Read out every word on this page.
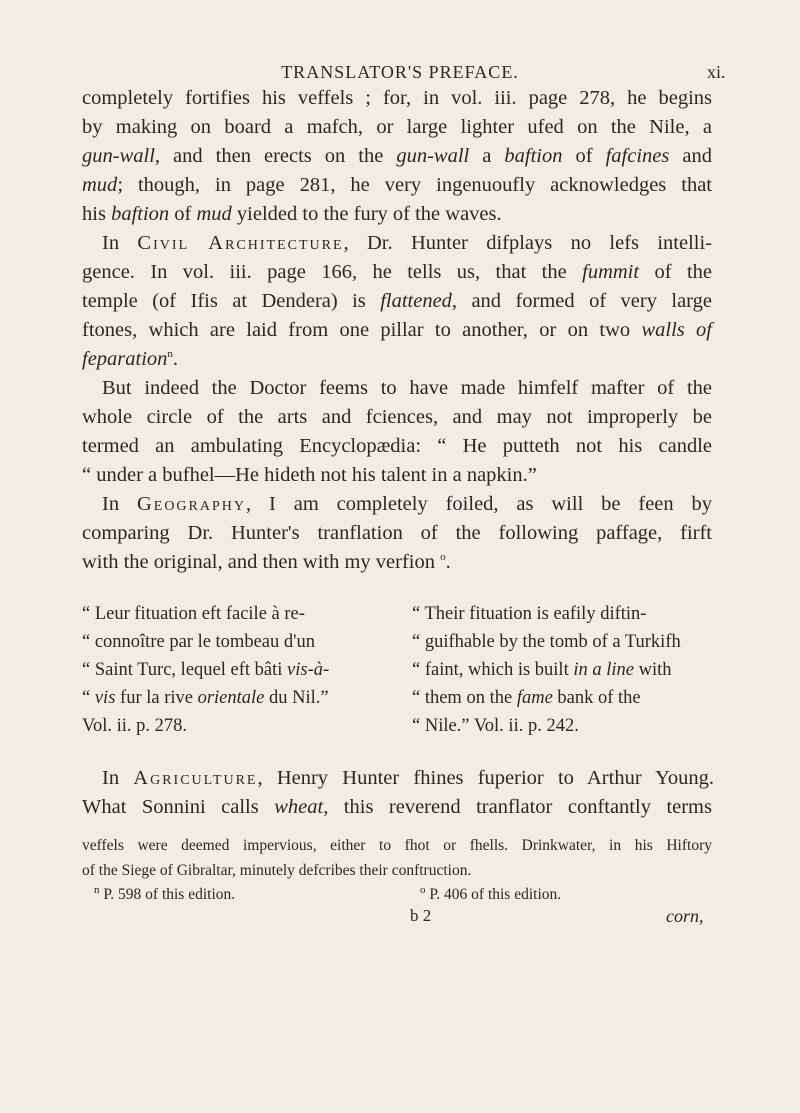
TRANSLATOR'S PREFACE.	xi.
completely fortifies his veffels ; for, in vol. iii. page 278, he begins
by making on board a mafch, or large lighter ufed on the Nile, a
gun-wall, and then erects on the gun-wall a baftion of fafcines and
mud; though, in page 281, he very ingenuoufly acknowledges that
his baftion of mud yielded to the fury of the waves.
In Civil Architecture, Dr. Hunter difplays no lefs intelli-
gence. In vol. iii. page 166, he tells us, that the fummit of the
temple (of Ifis at Dendera) is flattened, and formed of very large
ftones, which are laid from one pillar to another, or on two walls of
feparation$^n$.
But indeed the Doctor feems to have made himfelf mafter of the
whole circle of the arts and fciences, and may not improperly be
termed an ambulating Encyclopædia: “ He putteth not his candle
“ under a bufhel—He hideth not his talent in a napkin.”
In Geography, I am completely foiled, as will be feen by
comparing Dr. Hunter's tranflation of the following paffage, firft
with the original, and then with my verfion $^o$.
“ Leur fituation eft facile à re-
“ connoître par le tombeau d'un
“ Saint Turc, lequel eft bâti vis-à-
“ vis fur la rive orientale du Nil.”
Vol. ii. p. 278.
“ Their fituation is eafily diftin-
“ guifhable by the tomb of a Turkifh
“ faint, which is built in a line with
“ them on the fame bank of the
“ Nile.” Vol. ii. p. 242.
In Agriculture, Henry Hunter fhines fuperior to Arthur Young.
What Sonnini calls wheat, this reverend tranflator conftantly terms
veffels were deemed impervious, either to fhot or fhells. Drinkwater, in his Hiftory
of the Siege of Gibraltar, minutely defcribes their conftruction.
$^n$ P. 598 of this edition.	$^o$ P. 406 of this edition.
b 2	corn,
